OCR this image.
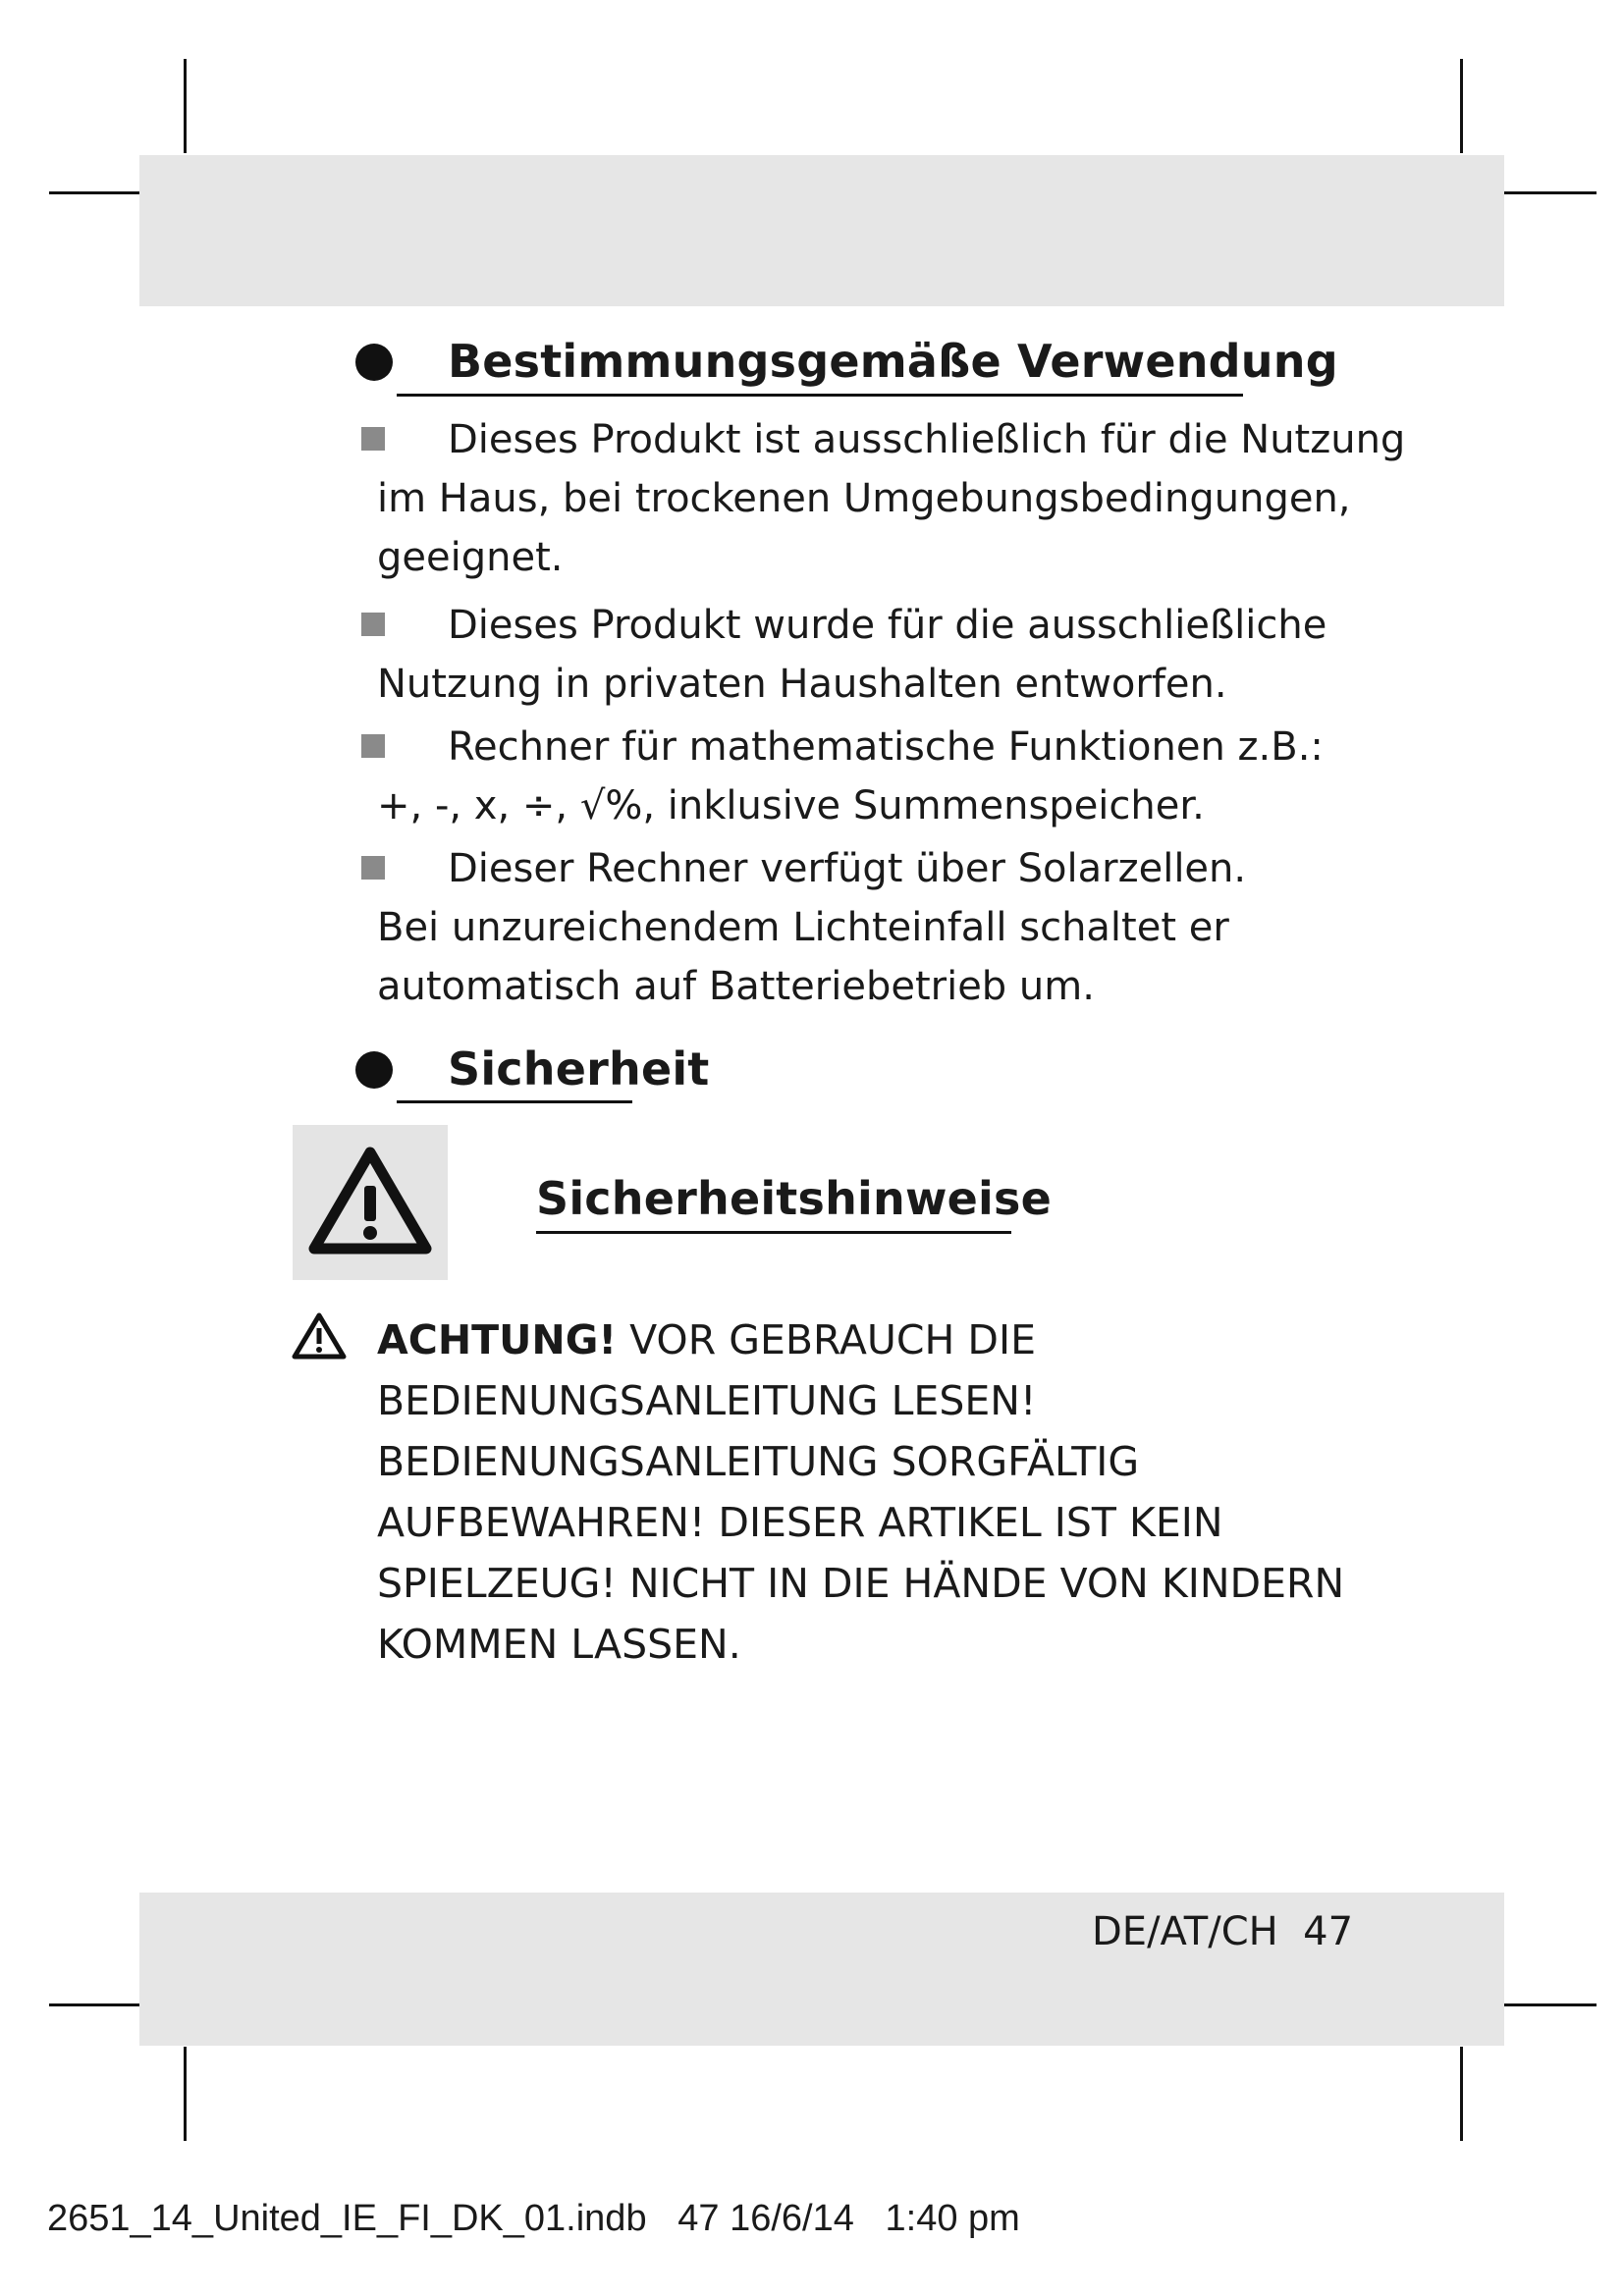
Bestimmungsgemäße Verwendung
Dieses Produkt ist ausschließlich für die Nutzung
im Haus, bei trockenen Umgebungsbedingungen,
geeignet.
Dieses Produkt wurde für die ausschließliche
Nutzung in privaten Haushalten entworfen.
Rechner für mathematische Funktionen z.B.:
+, -, x, ÷, √%, inklusive Summenspeicher.
Dieser Rechner verfügt über Solarzellen.
Bei unzureichendem Lichteinfall schaltet er
automatisch auf Batteriebetrieb um.
Sicherheit
Sicherheitshinweise
ACHTUNG! VOR GEBRAUCH DIE
BEDIENUNGSANLEITUNG LESEN!
BEDIENUNGSANLEITUNG SORGFÄLTIG
AUFBEWAHREN! DIESER ARTIKEL IST KEIN
SPIELZEUG! NICHT IN DIE HÄNDE VON KINDERN
KOMMEN LASSEN.
DE/AT/CH 47
2651_14_United_IE_FI_DK_01.indb   47 16/6/14   1:40 pm
